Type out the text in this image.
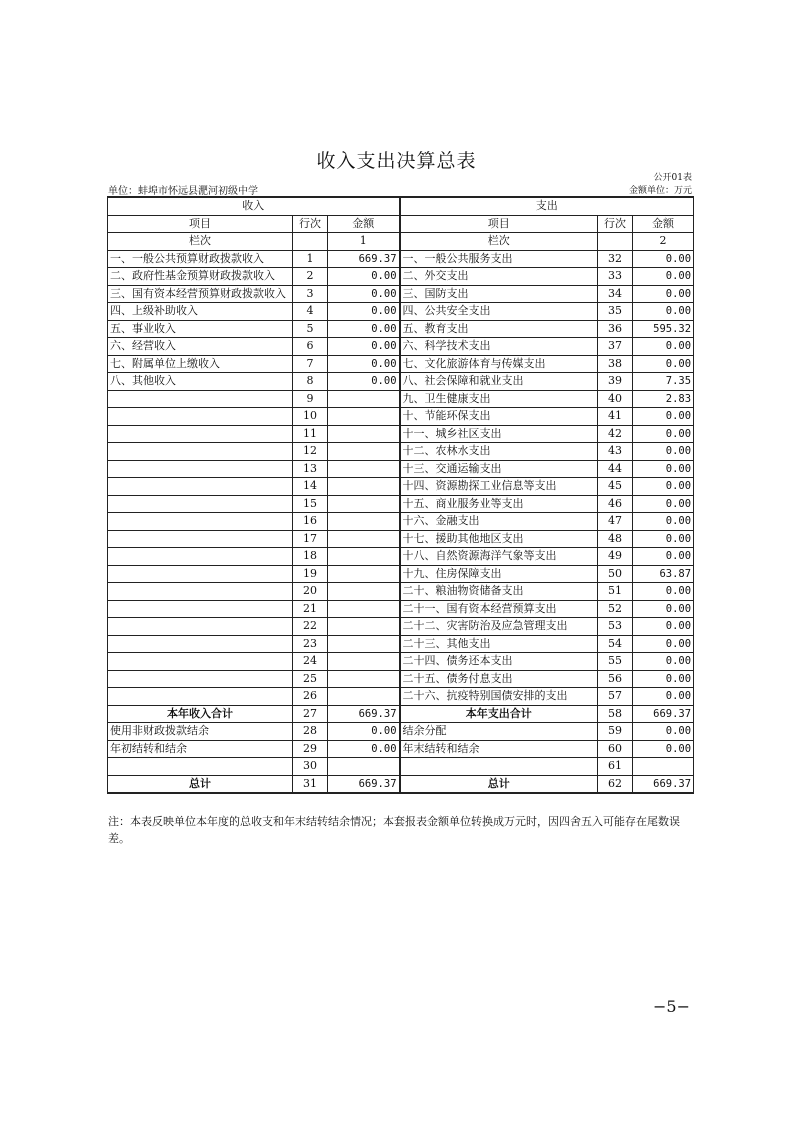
收入支出决算总表
公开01表
单位：蚌埠市怀远县淝河初级中学	金额单位：万元
收入			支出		
项目	行次	金额	项目	行次	金额
栏次		1	栏次		2
一、一般公共预算财政拨款收入	1	669.37	一、一般公共服务支出	32	0.00
二、政府性基金预算财政拨款收入	2	0.00	二、外交支出	33	0.00
三、国有资本经营预算财政拨款收入	3	0.00	三、国防支出	34	0.00
四、上级补助收入	4	0.00	四、公共安全支出	35	0.00
五、事业收入	5	0.00	五、教育支出	36	595.32
六、经营收入	6	0.00	六、科学技术支出	37	0.00
七、附属单位上缴收入	7	0.00	七、文化旅游体育与传媒支出	38	0.00
八、其他收入	8	0.00	八、社会保障和就业支出	39	7.35
	9		九、卫生健康支出	40	2.83
	10		十、节能环保支出	41	0.00
	11		十一、城乡社区支出	42	0.00
	12		十二、农林水支出	43	0.00
	13		十三、交通运输支出	44	0.00
	14		十四、资源勘探工业信息等支出	45	0.00
	15		十五、商业服务业等支出	46	0.00
	16		十六、金融支出	47	0.00
	17		十七、援助其他地区支出	48	0.00
	18		十八、自然资源海洋气象等支出	49	0.00
	19		十九、住房保障支出	50	63.87
	20		二十、粮油物资储备支出	51	0.00
	21		二十一、国有资本经营预算支出	52	0.00
	22		二十二、灾害防治及应急管理支出	53	0.00
	23		二十三、其他支出	54	0.00
	24		二十四、债务还本支出	55	0.00
	25		二十五、债务付息支出	56	0.00
	26		二十六、抗疫特别国债安排的支出	57	0.00
本年收入合计	27	669.37	本年支出合计	58	669.37
使用非财政拨款结余	28	0.00	结余分配	59	0.00
年初结转和结余	29	0.00	年末结转和结余	60	0.00
	30			61	
总计	31	669.37	总计	62	669.37
注：本表反映单位本年度的总收支和年末结转结余情况；本套报表金额单位转换成万元时，因四舍五入可能存在尾数误差。
−5−
